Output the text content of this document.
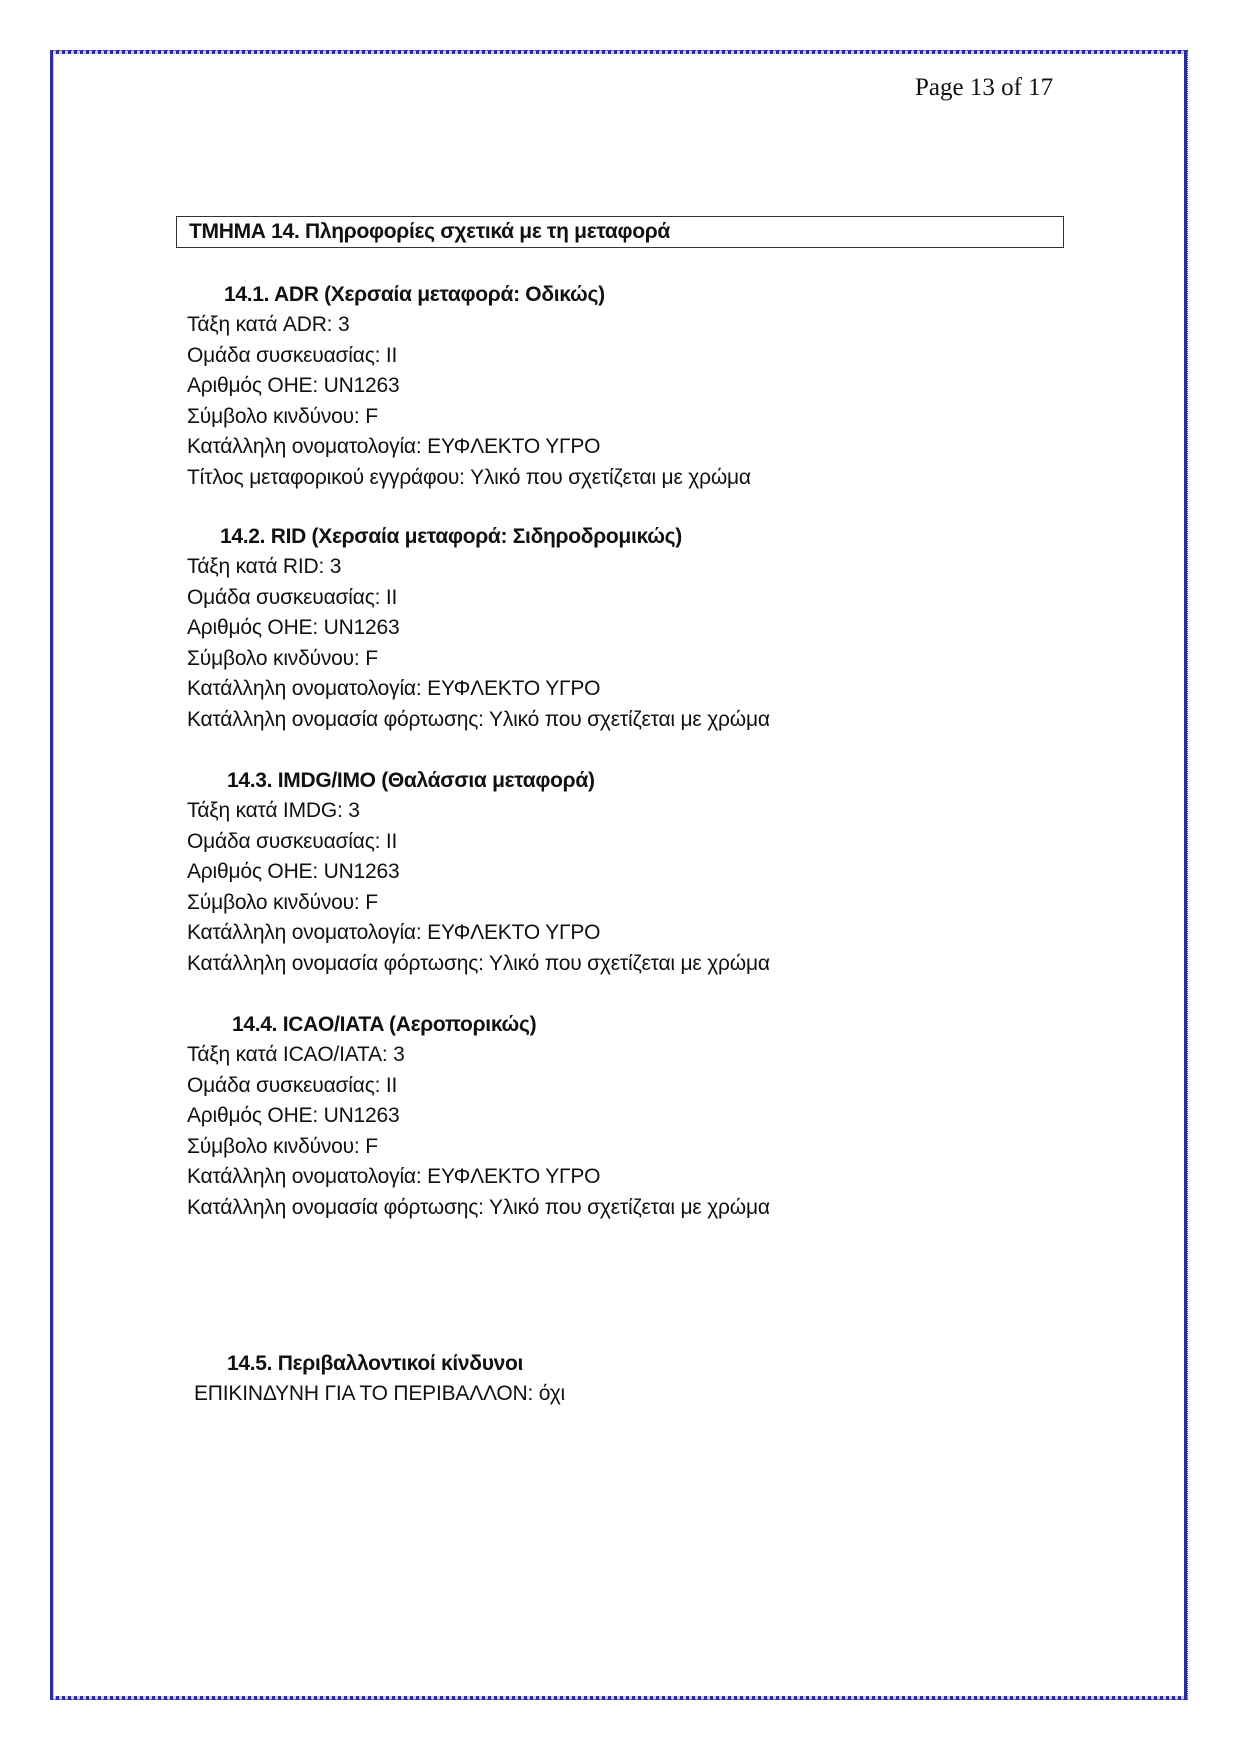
Page 13 of 17
ΤΜΗΜΑ 14. Πληροφορίες σχετικά με τη μεταφορά
14.1. ADR (Χερσαία μεταφορά: Οδικώς)
Τάξη κατά ADR: 3
Ομάδα συσκευασίας: II
Αριθμός ΟΗΕ: UN1263
Σύμβολο κινδύνου: F
Κατάλληλη ονοματολογία: ΕΥΦΛΕΚΤΟ ΥΓΡΟ
Τίτλος μεταφορικού εγγράφου: Υλικό που σχετίζεται με χρώμα
14.2. RID (Χερσαία μεταφορά: Σιδηροδρομικώς)
Τάξη κατά RID: 3
Ομάδα συσκευασίας: II
Αριθμός ΟΗΕ: UN1263
Σύμβολο κινδύνου: F
Κατάλληλη ονοματολογία: ΕΥΦΛΕΚΤΟ ΥΓΡΟ
Κατάλληλη ονομασία φόρτωσης: Υλικό που σχετίζεται με χρώμα
14.3. IMDG/IMO (Θαλάσσια μεταφορά)
Τάξη κατά IMDG: 3
Ομάδα συσκευασίας: II
Αριθμός ΟΗΕ: UN1263
Σύμβολο κινδύνου: F
Κατάλληλη ονοματολογία: ΕΥΦΛΕΚΤΟ ΥΓΡΟ
Κατάλληλη ονομασία φόρτωσης: Υλικό που σχετίζεται με χρώμα
14.4. ICAO/IATA (Αεροπορικώς)
Τάξη κατά ICAO/IATA: 3
Ομάδα συσκευασίας: II
Αριθμός ΟΗΕ: UN1263
Σύμβολο κινδύνου: F
Κατάλληλη ονοματολογία: ΕΥΦΛΕΚΤΟ ΥΓΡΟ
Κατάλληλη ονομασία φόρτωσης: Υλικό που σχετίζεται με χρώμα
14.5. Περιβαλλοντικοί κίνδυνοι
ΕΠΙΚΙΝΔΥΝΗ ΓΙΑ ΤΟ ΠΕΡΙΒΑΛΛΟΝ: όχι
